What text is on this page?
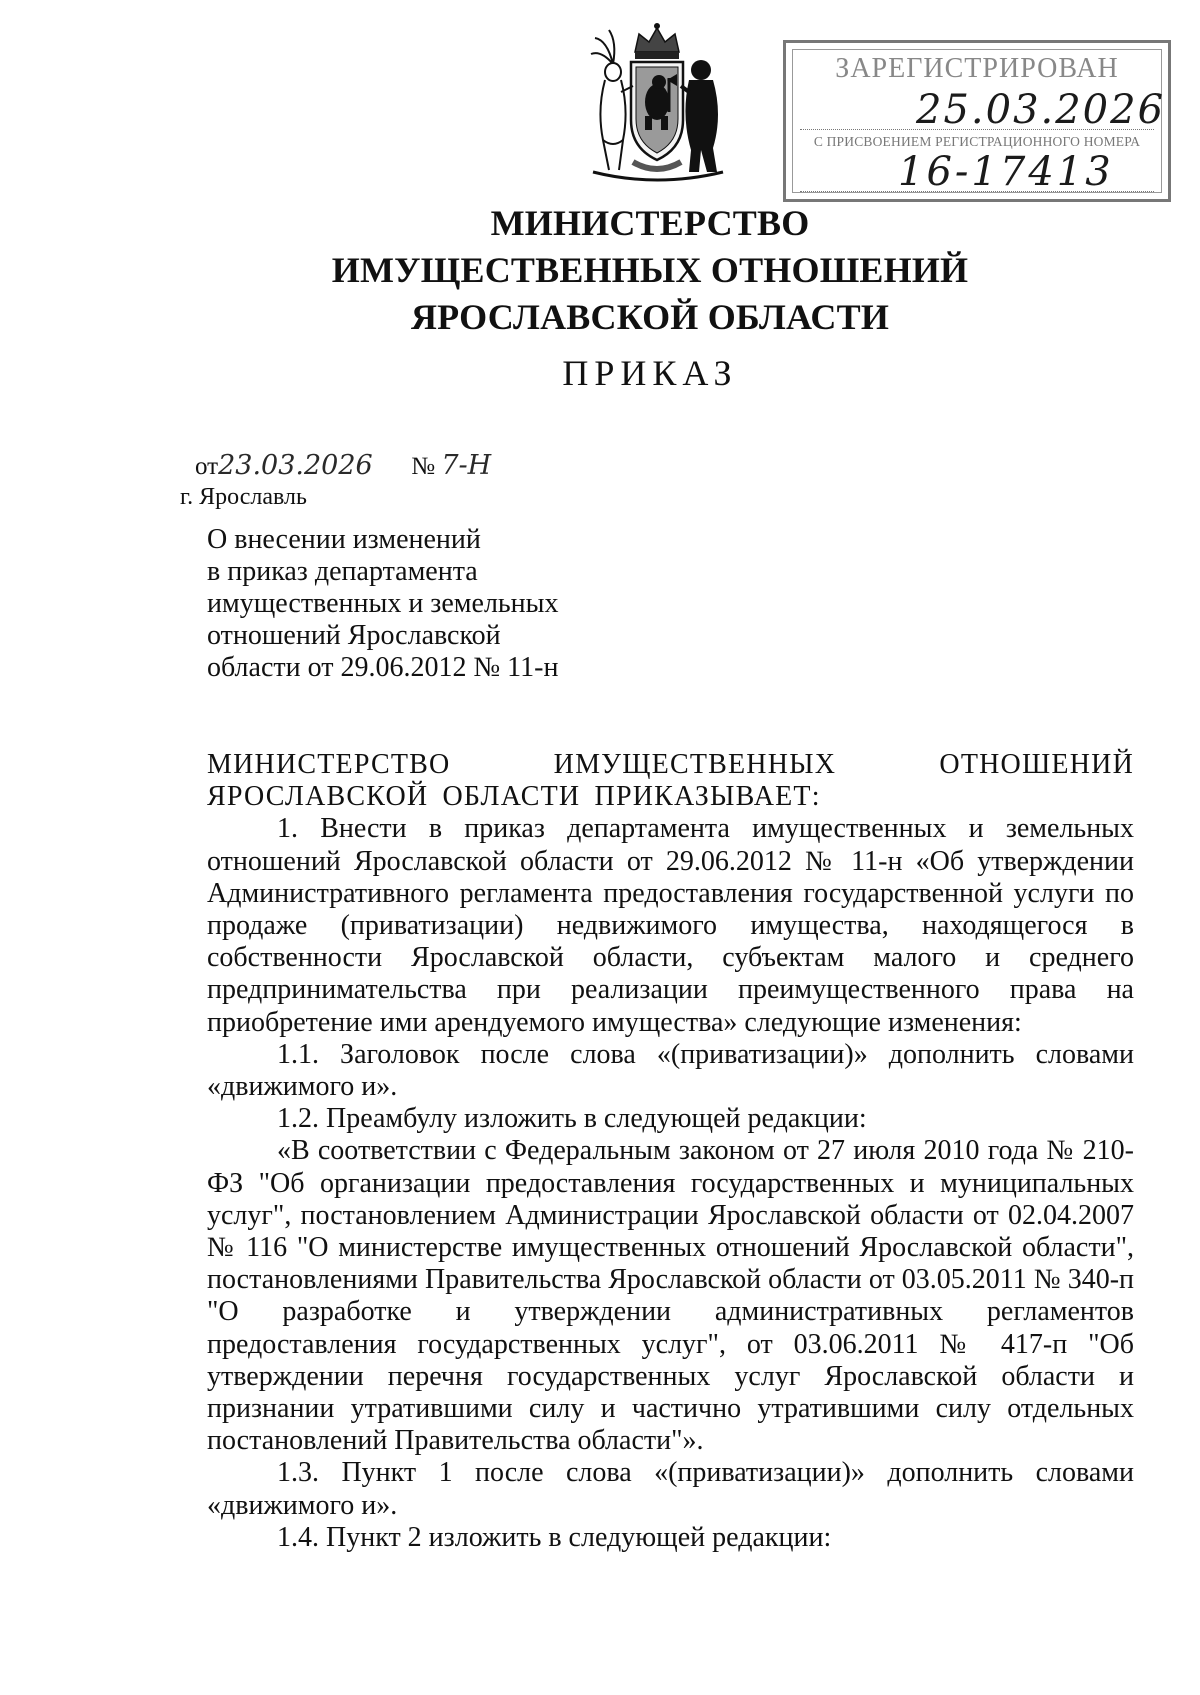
ЗАРЕГИСТРИРОВАН
25.03.2026
С ПРИСВОЕНИЕМ РЕГИСТРАЦИОННОГО НОМЕРА
16-17413
МИНИСТЕРСТВО
ИМУЩЕСТВЕННЫХ ОТНОШЕНИЙ
ЯРОСЛАВСКОЙ ОБЛАСТИ
ПРИКАЗ
от23.03.2026 № 7-Н
г. Ярославль
О внесении изменений
в приказ департамента
имущественных и земельных
отношений Ярославской
области от 29.06.2012 № 11-н

МИНИСТЕРСТВО ИМУЩЕСТВЕННЫХ ОТНОШЕНИЙ ЯРОСЛАВСКОЙ ОБЛАСТИ ПРИКАЗЫВАЕТ:

1. Внести в приказ департамента имущественных и земельных отношений Ярославской области от 29.06.2012 № 11-н «Об утверждении Административного регламента предоставления государственной услуги по продаже (приватизации) недвижимого имущества, находящегося в собственности Ярославской области, субъектам малого и среднего предпринимательства при реализации преимущественного права на приобретение ими арендуемого имущества» следующие изменения:

1.1. Заголовок после слова «(приватизации)» дополнить словами «движимого и».

1.2. Преамбулу изложить в следующей редакции:

«В соответствии с Федеральным законом от 27 июля 2010 года № 210-ФЗ "Об организации предоставления государственных и муниципальных услуг", постановлением Администрации Ярославской области от 02.04.2007 № 116 "О министерстве имущественных отношений Ярославской области", постановлениями Правительства Ярославской области от 03.05.2011 № 340-п "О разработке и утверждении административных регламентов предоставления государственных услуг", от 03.06.2011 № 417-п "Об утверждении перечня государственных услуг Ярославской области и признании утратившими силу и частично утратившими силу отдельных постановлений Правительства области"».

1.3. Пункт 1 после слова «(приватизации)» дополнить словами «движимого и».

1.4. Пункт 2 изложить в следующей редакции:
